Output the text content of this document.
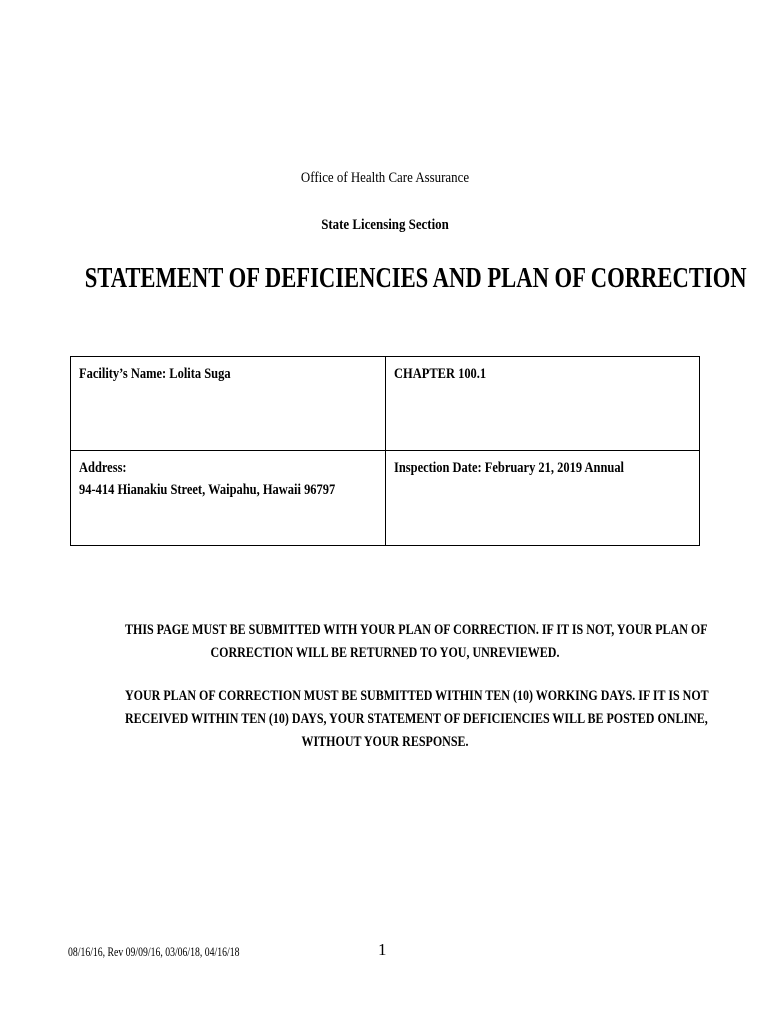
Office of Health Care Assurance
State Licensing Section
STATEMENT OF DEFICIENCIES AND PLAN OF CORRECTION
Facility’s Name: Lolita Suga	CHAPTER 100.1
Address:
94-414 Hianakiu Street, Waipahu, Hawaii 96797
Inspection Date: February 21, 2019 Annual
THIS PAGE MUST BE SUBMITTED WITH YOUR PLAN OF CORRECTION. IF IT IS NOT, YOUR PLAN OF
CORRECTION WILL BE RETURNED TO YOU, UNREVIEWED.
YOUR PLAN OF CORRECTION MUST BE SUBMITTED WITHIN TEN (10) WORKING DAYS. IF IT IS NOT
RECEIVED WITHIN TEN (10) DAYS, YOUR STATEMENT OF DEFICIENCIES WILL BE POSTED ONLINE,
WITHOUT YOUR RESPONSE.
08/16/16, Rev 09/09/16, 03/06/18, 04/16/18	1
